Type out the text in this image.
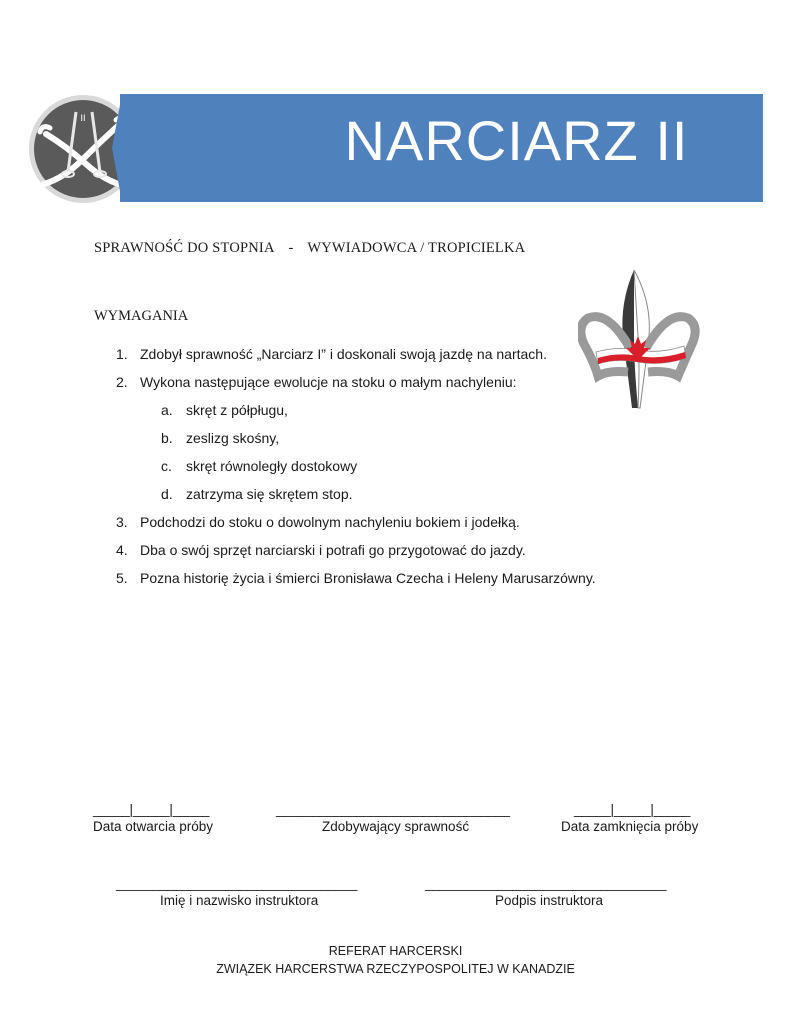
II	NARCIARZ II
SPRAWNOŚĆ DO STOPNIA - WYWIADOWCA / TROPICIELKA
WYMAGANIA
1. Zdobył sprawność „Narciarz I” i doskonali swoją jazdę na nartach.
2. Wykona następujące ewolucje na stoku o małym nachyleniu:
a. skręt z półpługu,
b. zeslizg skośny,
c.	skręt równoległy dostokowy
d. zatrzyma się skrętem stop.
3. Podchodzi do stoku o dowolnym nachyleniu bokiem i jodełką.
4. Dba o swój sprzęt narciarski i potrafi go przygotować do jazdy.
5. Pozna historię życia i śmierci Bronisława Czecha i Heleny Marusarzówny.
_____|_____|_____	________________________________	_____|_____|_____
Data otwarcia próby	Zdobywający sprawność	Data zamknięcia próby
_________________________________	_________________________________
Imię i nazwisko instruktora	Podpis instruktora
REFERAT HARCERSKI
ZWIĄZEK HARCERSTWA RZECZYPOSPOLITEJ W KANADZIE
